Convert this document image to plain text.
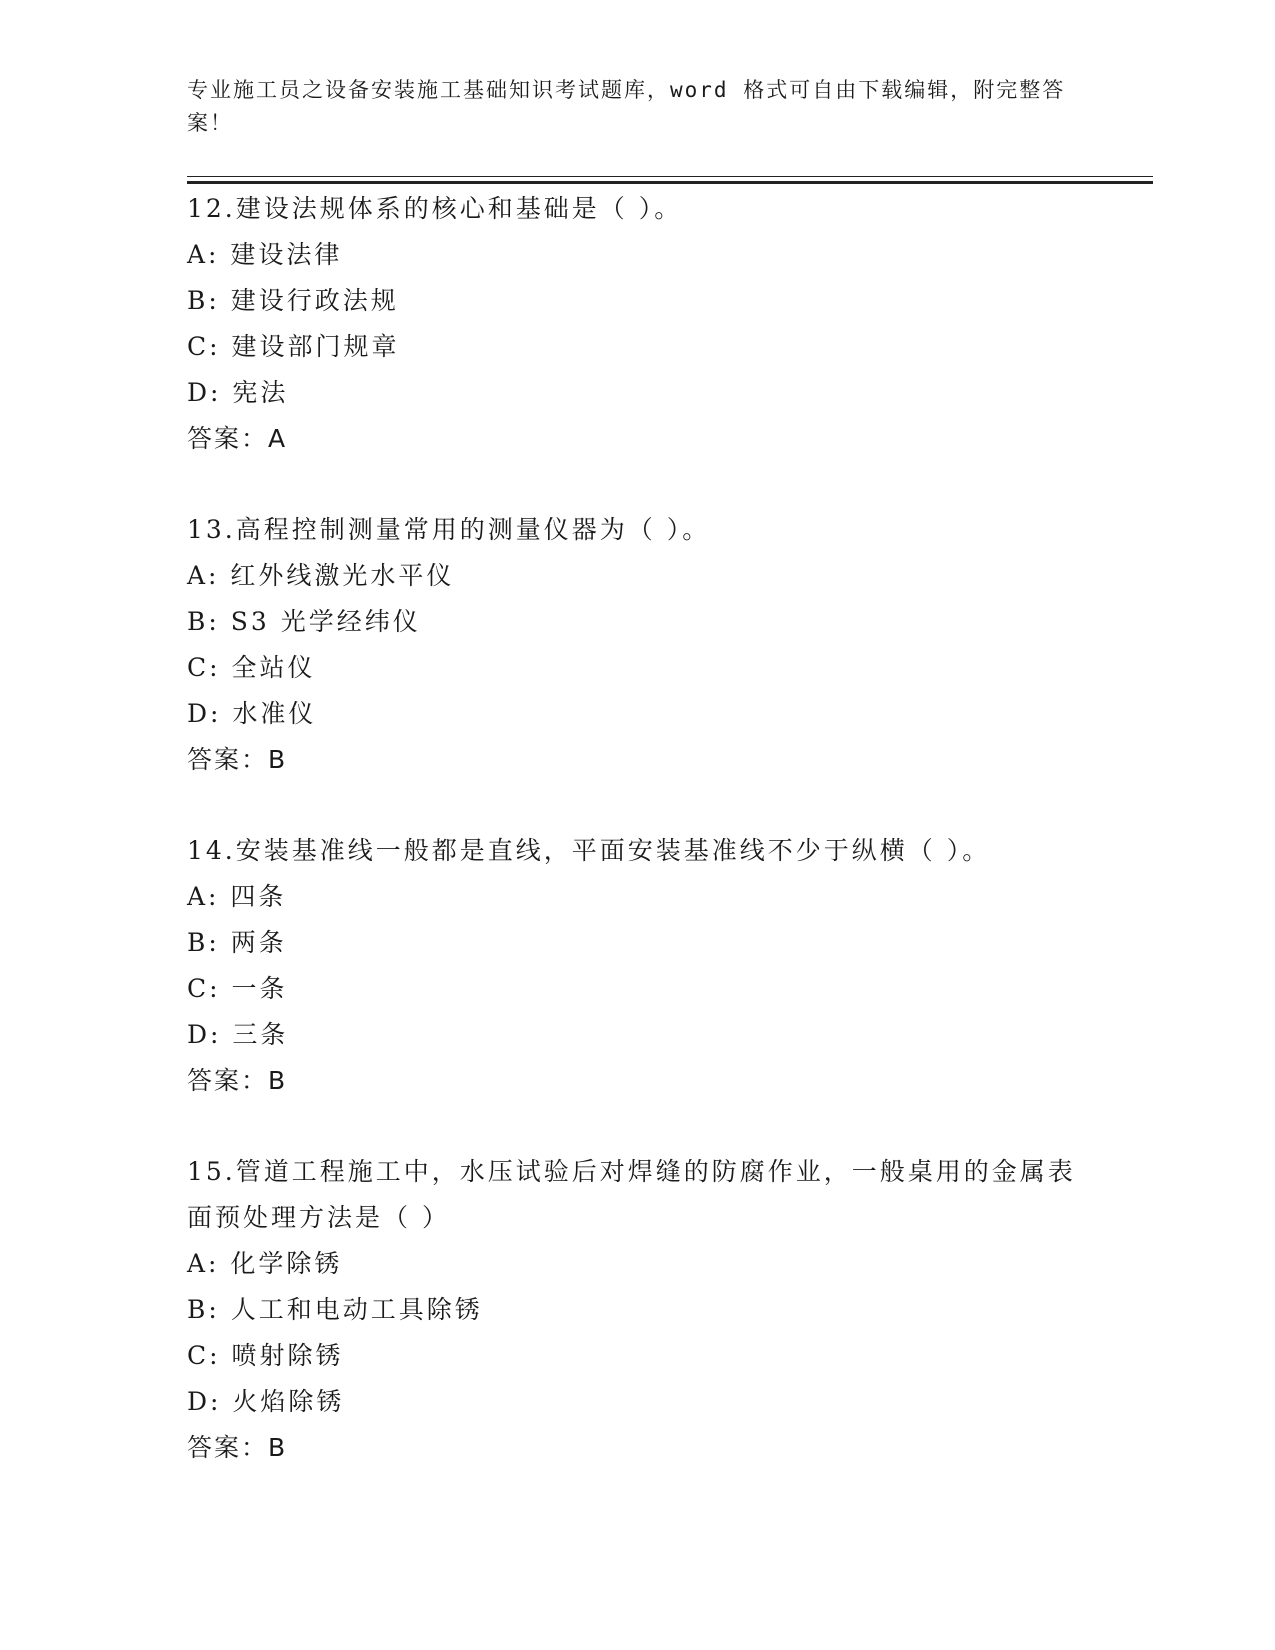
专业施工员之设备安装施工基础知识考试题库，word 格式可自由下载编辑，附完整答案！
12.建设法规体系的核心和基础是（ ）。
A: 建设法律
B: 建设行政法规
C: 建设部门规章
D: 宪法
答案：A
13.高程控制测量常用的测量仪器为（ ）。
A: 红外线激光水平仪
B: S3 光学经纬仪
C: 全站仪
D: 水准仪
答案：B
14.安装基准线一般都是直线，平面安装基准线不少于纵横（ ）。
A: 四条
B: 两条
C: 一条
D: 三条
答案：B
15.管道工程施工中，水压试验后对焊缝的防腐作业，一般桌用的金属表面预处理方法是（ ）
A: 化学除锈
B: 人工和电动工具除锈
C: 喷射除锈
D: 火焰除锈
答案：B
